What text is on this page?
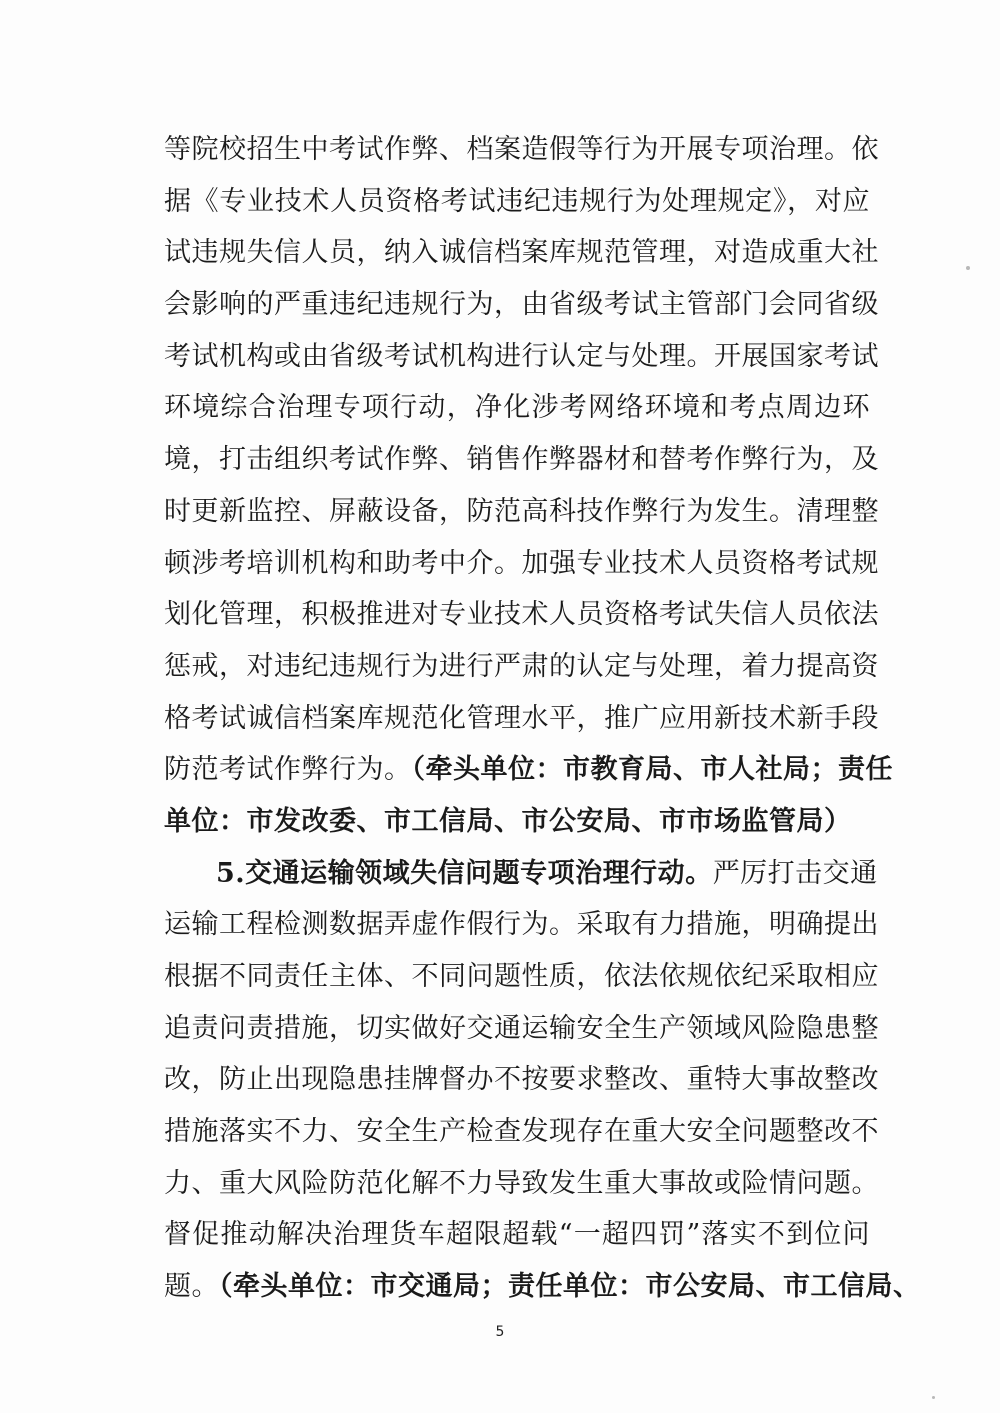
等院校招生中考试作弊、档案造假等行为开展专项治理。依
据《专业技术人员资格考试违纪违规行为处理规定》，对应
试违规失信人员，纳入诚信档案库规范管理，对造成重大社
会影响的严重违纪违规行为，由省级考试主管部门会同省级
考试机构或由省级考试机构进行认定与处理。开展国家考试
环境综合治理专项行动，净化涉考网络环境和考点周边环
境，打击组织考试作弊、销售作弊器材和替考作弊行为，及
时更新监控、屏蔽设备，防范高科技作弊行为发生。清理整
顿涉考培训机构和助考中介。加强专业技术人员资格考试规
划化管理，积极推进对专业技术人员资格考试失信人员依法
惩戒，对违纪违规行为进行严肃的认定与处理，着力提高资
格考试诚信档案库规范化管理水平，推广应用新技术新手段
防范考试作弊行为。（牵头单位：市教育局、市人社局；责任
单位：市发改委、市工信局、市公安局、市市场监管局）
5.交通运输领域失信问题专项治理行动。严厉打击交通
运输工程检测数据弄虚作假行为。采取有力措施，明确提出
根据不同责任主体、不同问题性质，依法依规依纪采取相应
追责问责措施，切实做好交通运输安全生产领域风险隐患整
改，防止出现隐患挂牌督办不按要求整改、重特大事故整改
措施落实不力、安全生产检查发现存在重大安全问题整改不
力、重大风险防范化解不力导致发生重大事故或险情问题。
督促推动解决治理货车超限超载“一超四罚”落实不到位问
题。（牵头单位：市交通局；责任单位：市公安局、市工信局、
5
